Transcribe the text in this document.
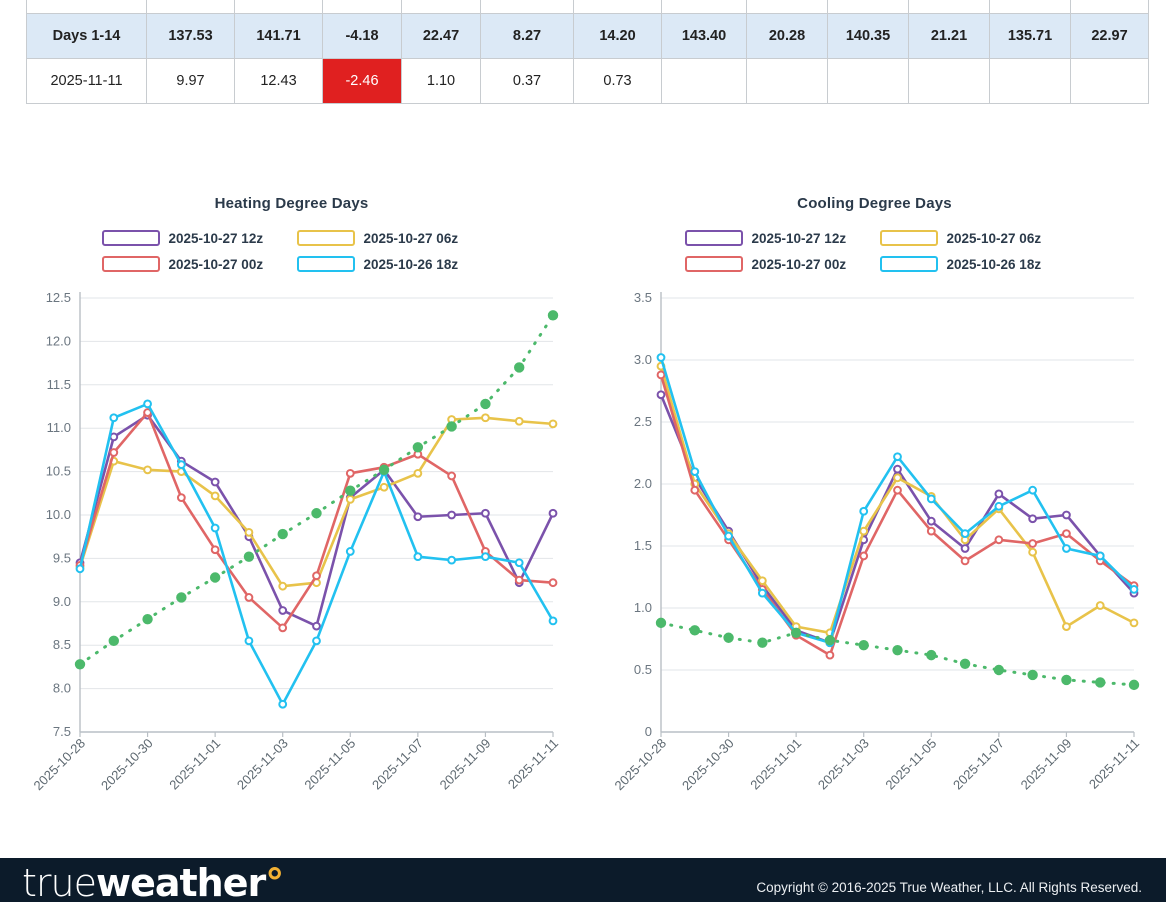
Days 1-14	137.53	141.71	-4.18	22.47	8.27	14.20	143.40	20.28	140.35	21.21	135.71	22.97
2025-11-11	9.97	12.43	-2.46	1.10	0.37	0.73						
Heating Degree Days
2025-10-27 12z	2025-10-27 06z
2025-10-27 00z	2025-10-26 18z
12.5
12.0
11.5
11.0
10.5
10.0
9.5
9.0
8.5
8.0
7.5
2025-10-28 2025-10-30 2025-11-01 2025-11-03 2025-11-05 2025-11-07 2025-11-09 2025-11-11
Cooling Degree Days
2025-10-27 12z	2025-10-27 06z
2025-10-27 00z	2025-10-26 18z
3.5
3.0
2.5
2.0
1.5
1.0
0.5
0
2025-10-28 2025-10-30 2025-11-01 2025-11-03 2025-11-05 2025-11-07 2025-11-09 2025-11-11
trueweather°	Copyright © 2016-2025 True Weather, LLC. All Rights Reserved.
